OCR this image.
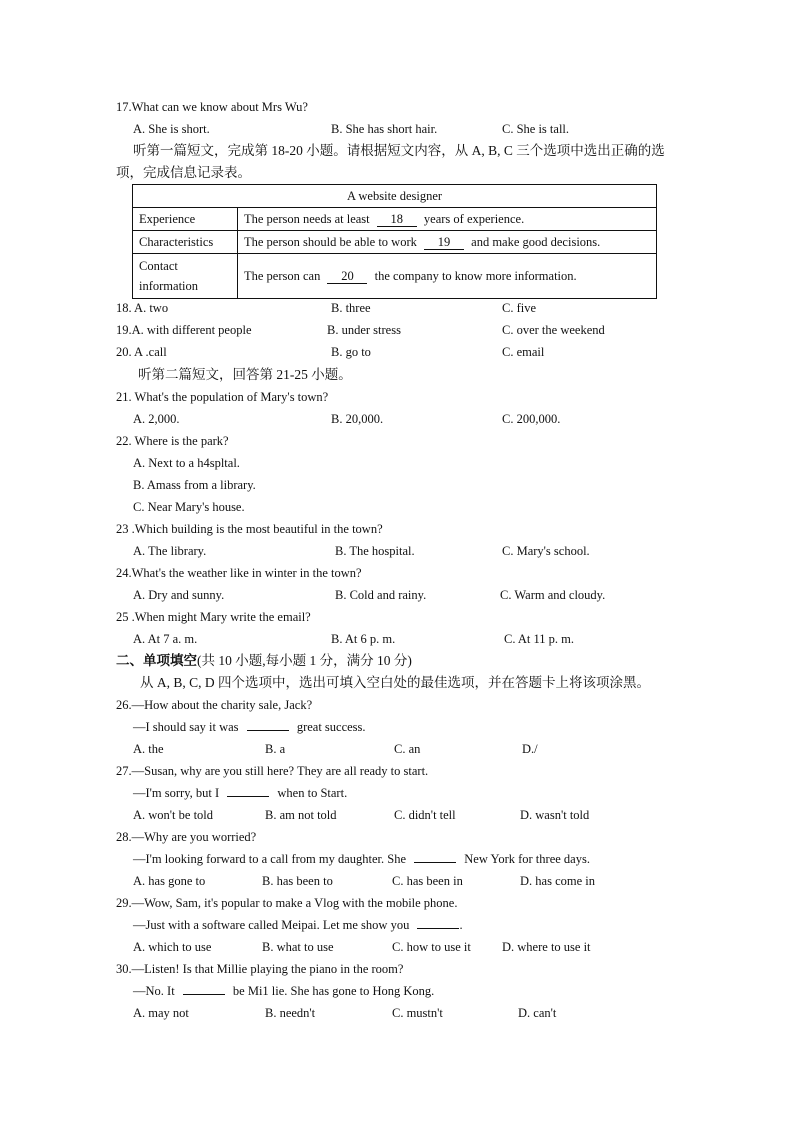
17.What can we know about Mrs Wu?
A. She is short.	B. She has short hair.	C. She is tall.
听第一篇短文，完成第 18-20 小题。请根据短文内容，从 A, B, C 三个选项中选出正确的选
项，完成信息记录表。
A website designer	
Experience	The person needs at least 18 years of experience.
Characteristics	The person should be able to work 19 and make good decisions.
Contact
information	The person can 20 the company to know more information.
18. A. two	B. three	C. five
19.A. with different people	B. under stress	C. over the weekend
20. A .call	B. go to	C. email
听第二篇短文，回答第 21-25 小题。
21. What's the population of Mary's town?
A. 2,000.	B. 20,000.	C. 200,000.
22. Where is the park?
A. Next to a h4spltal.
B. Amass from a library.
C. Near Mary's house.
23 .Which building is the most beautiful in the town?
A. The library.	B. The hospital.	C. Mary's school.
24.What's the weather like in winter in the town?
A. Dry and sunny.	B. Cold and rainy.	C. Warm and cloudy.
25 .When might Mary write the email?
A. At 7 a. m.	B. At 6 p. m.	C. At 11 p. m.
二、单项填空(共 10 小题,每小题 1 分，满分 10 分)
从 A, B, C, D 四个选项中，选出可填入空白处的最佳选项，并在答题卡上将该项涂黑。
26.—How about the charity sale, Jack?
—I should say it was	great success.
A. the	B. a	C. an	D./
27.—Susan, why are you still here? They are all ready to start.
—I'm sorry, but I	when to Start.
A. won't be told	B. am not told	C. didn't tell	D. wasn't told
28.—Why are you worried?
—I'm looking forward to a call from my daughter. She	New York for three days.
A. has gone to	B. has been to	C. has been in	D. has come in
29.—Wow, Sam, it's popular to make a Vlog with the mobile phone.
—Just with a software called Meipai. Let me show you	.
A. which to use	B. what to use	C. how to use it D. where to use it
30.—Listen! Is that Millie playing the piano in the room?
—No. It	be Mi1 lie. She has gone to Hong Kong.
A. may not	B. needn't	C. mustn't	D. can't
